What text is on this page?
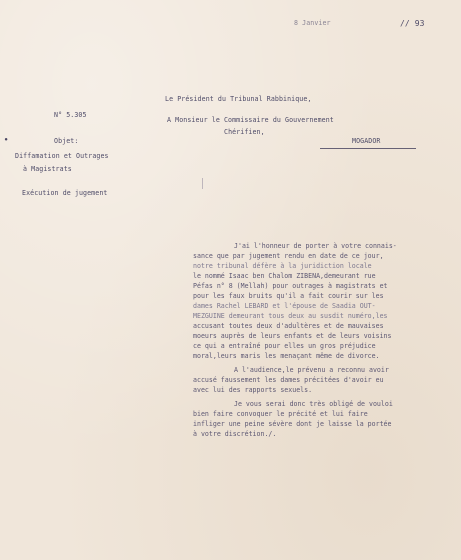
8 Janvier	// 93
Le Président du Tribunal Rabbinique,
A Monsieur le Commissaire du Gouvernement
Chérifien,
MOGADOR
N° 5.305
Objet:
•
Diffamation et Outrages
à Magistrats
Exécution de jugement
J'ai l'honneur de porter à votre connais-
sance que par jugement rendu en date de ce jour,
notre tribunal défère à la juridiction locale
le nommé Isaac ben Chalom ZIBENA,demeurant rue
Péfas n° 8 (Mellah) pour outrages à magistrats et
pour les faux bruits qu'il a fait courir sur les
dames Rachel LEBARD et l'épouse de Saadia OUT-
MEZGUINE demeurant tous deux au susdit numéro,les
accusant toutes deux d'adultères et de mauvaises
moeurs auprès de leurs enfants et de leurs voisins
ce qui a entraîné pour elles un gros préjudice
moral,leurs maris les menaçant même de divorce.
A l'audience,le prévenu a reconnu avoir
accusé faussement les dames précitées d'avoir eu
avec lui des rapports sexuels.
Je vous serai donc très obligé de vouloi
bien faire convoquer le précité et lui faire
infliger une peine sévère dont je laisse la portée
à votre discrétion./.
